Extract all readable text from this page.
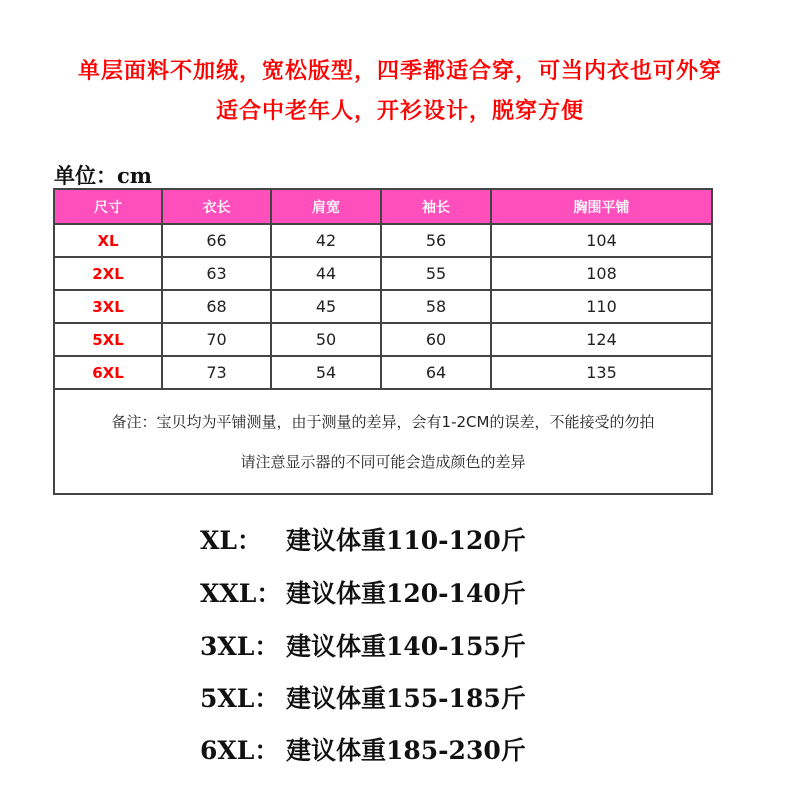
单层面料不加绒，宽松版型，四季都适合穿，可当内衣也可外穿
适合中老年人，开衫设计，脱穿方便
单位：cm
尺寸	衣长	肩宽	袖长	胸围平铺
XL	66	42	56	104
2XL	63	44	55	108
3XL	68	45	58	110
5XL	70	50	60	124
6XL	73	54	64	135

备注：宝贝均为平铺测量，由于测量的差异，会有1-2CM的误差，不能接受的勿拍
请注意显示器的不同可能会造成颜色的差异				
XL： 建议体重110-120斤
XXL： 建议体重120-140斤
3XL： 建议体重140-155斤
5XL： 建议体重155-185斤
6XL： 建议体重185-230斤
